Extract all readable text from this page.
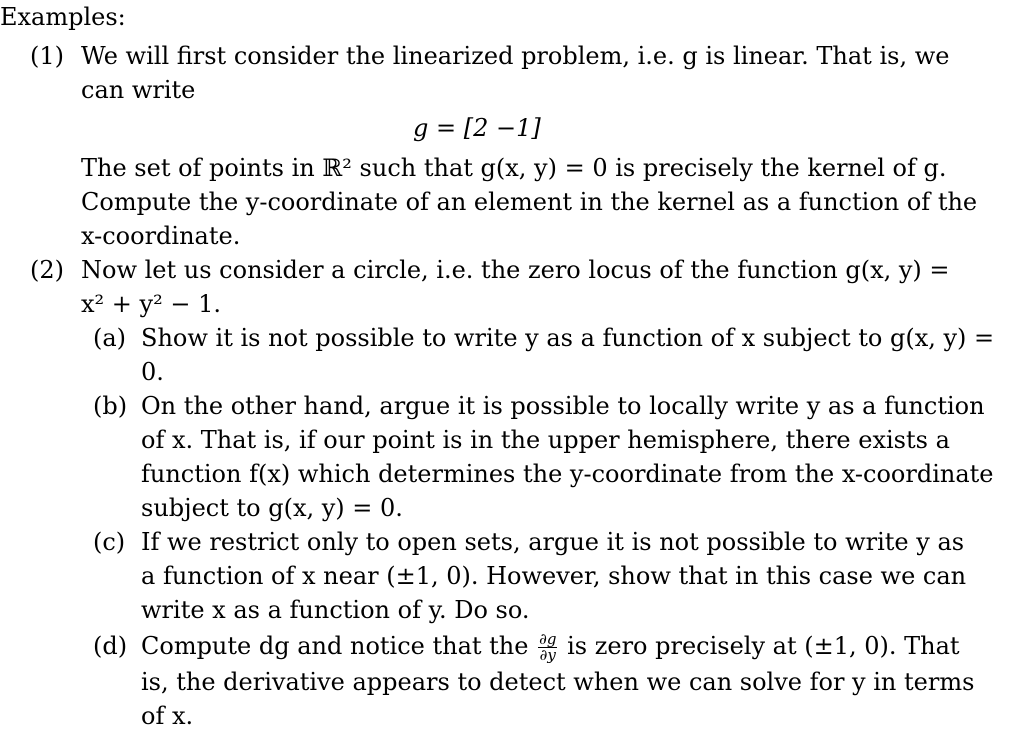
Examples:
(1) We will first consider the linearized problem, i.e. g is linear. That is, we
can write
g = [2 −1]
The set of points in ℝ² such that g(x, y) = 0 is precisely the kernel of g.
Compute the y-coordinate of an element in the kernel as a function of the
x-coordinate.
(2) Now let us consider a circle, i.e. the zero locus of the function g(x, y) =
x² + y² − 1.
(a) Show it is not possible to write y as a function of x subject to g(x, y) =
0.
(b) On the other hand, argue it is possible to locally write y as a function
of x. That is, if our point is in the upper hemisphere, there exists a
function f(x) which determines the y-coordinate from the x-coordinate
subject to g(x, y) = 0.
(c) If we restrict only to open sets, argue it is not possible to write y as
a function of x near (±1, 0). However, show that in this case we can
write x as a function of y. Do so.
(d) Compute dg and notice that the $\frac{\partial g}{\partial y}$ is zero precisely at (±1, 0). That
is, the derivative appears to detect when we can solve for y in terms
of x.
